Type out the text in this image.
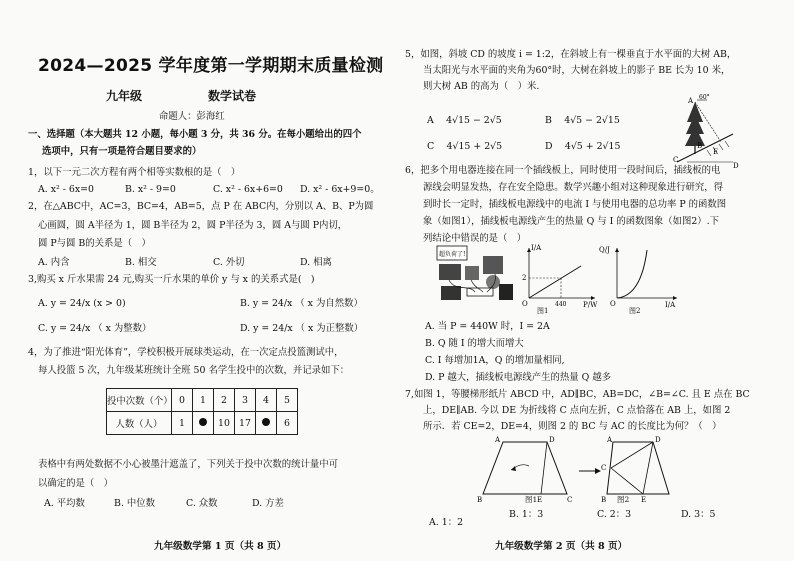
2024—2025 学年度第一学期期末质量检测
九年级	数学试卷
命题人：彭海红
一、选择题（本大题共 12 小题，每小题 3 分，共 36 分。在每小题给出的四个
选项中，只有一项是符合题目要求的）
1，以下一元二次方程有两个相等实数根的是（　）
A. x² - 6x=0	B. x² - 9=0	C. x² - 6x+6=0 D. x² - 6x+9=0。
2，在△ABC中，AC=3，BC=4，AB=5，点 P 在 ABC内，分别以 A、B、P为圆
心画圆，圆 A半径为 1，圆 B半径为 2，圆 P半径为 3，圆 A与圆 P内切，
圆 P与圆 B的关系是（　）
A. 内含	B. 相交	C. 外切	D. 相离
3,购买 x 斤水果需 24 元,购买一斤水果的单价 y 与 x 的关系式是(　)
A. y = 24/x (x > 0)	B. y = 24/x （ x 为自然数）
C. y = 24/x （ x 为整数）	D. y = 24/x （ x 为正整数）
4，为了推进“阳光体育”，学校积极开展球类运动，在一次定点投篮测试中，
每人投篮 5 次，九年级某班统计全班 50 名学生投中的次数，并记录如下：
投中次数（个）	0	1	2	3	4	5
人数（人）	1		10	17		6
表格中有两处数据不小心被墨汁遮盖了，下列关于投中次数的统计量中可
以确定的是（　）
A. 平均数	B. 中位数	C. 众数	D. 方差
九年级数学第 1 页（共 8 页）
5，如图，斜坡 CD 的坡度 i = 1:2，在斜坡上有一棵垂直于水平面的大树 AB，
当太阳光与水平面的夹角为60°时，大树在斜坡上的影子 BE 长为 10 米，
则大树 AB 的高为（　）米.
A　 4√15 − 2√5	B　 4√5 − 2√15
C　 4√15 + 2√5	D　 4√5 + 2√15
A 60°
B
E
C
D
6，把多个用电器连接在同一个插线板上，同时使用一段时间后，插线板的电
源线会明显发热，存在安全隐患。数学兴趣小组对这种现象进行研究，得
到时长一定时，插线板电源线中的电流 I 与使用电器的总功率 P 的函数图
象（如图1），插线板电源线产生的热量 Q 与 I 的函数图象（如图2）.下
列结论中错误的是（　）
超负荷了!
I/A
P/W
O
2
440
图1
Q/J
I/A
O
图2
A. 当 P = 440W 时，I = 2A
B. Q 随 I 的增大而增大
C. I 每增加1A，Q 的增加量相同,
D. P 越大，插线板电源线产生的热量 Q 越多
7,如图 1，等腰梯形纸片 ABCD 中，AD∥BC，AB=DC，∠B=∠C. 且 E 点在 BC
上，DE∥AB. 今以 DE 为折线将 C 点向左折，C 点恰落在 AB 上，如图 2
所示．若 CE=2，DE=4，则图 2 的 BC 与 AC 的长度比为何？（　）
A	D
B	E	C
图1
A	D
C
B	E
图2
A. 1：2
B. 1：3	C. 2：3	D. 3：5
九年级数学第 2 页（共 8 页）
